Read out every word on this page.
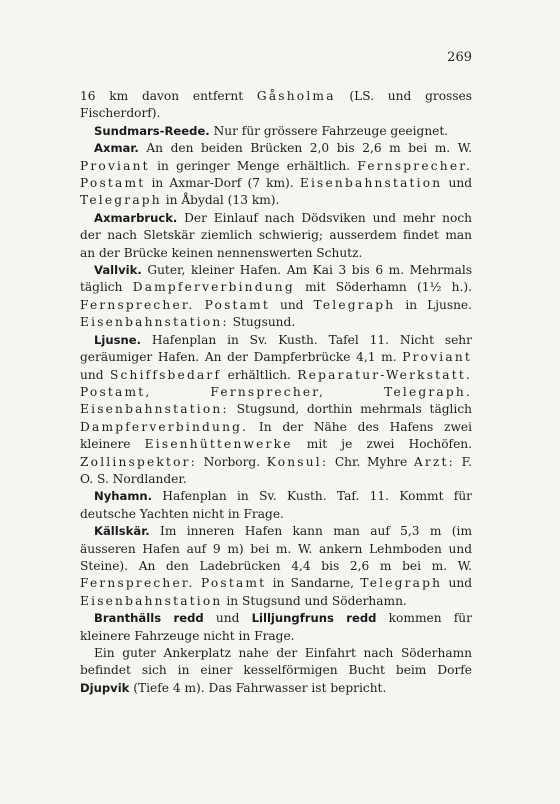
269

16 km davon entfernt Gåsholma (LS. und grosses Fischerdorf).

Sundmars-Reede. Nur für grössere Fahrzeuge geeignet.

Axmar. An den beiden Brücken 2,0 bis 2,6 m bei m. W. Proviant in geringer Menge erhältlich. Fernsprecher. Postamt in Axmar-Dorf (7 km). Eisenbahnstation und Telegraph in Åbydal (13 km).

Axmarbruck. Der Einlauf nach Dödsviken und mehr noch der nach Sletskär ziemlich schwierig; ausserdem findet man an der Brücke keinen nennenswerten Schutz.

Vallvik. Guter, kleiner Hafen. Am Kai 3 bis 6 m. Mehrmals täglich Dampferverbindung mit Söderhamn (1½ h.). Fernsprecher. Postamt und Telegraph in Ljusne. Eisenbahnstation: Stugsund.

Ljusne. Hafenplan in Sv. Kusth. Tafel 11. Nicht sehr geräumiger Hafen. An der Dampferbrücke 4,1 m. Proviant und Schiffsbedarf erhältlich. Reparatur-Werkstatt. Postamt,	Fernsprecher,	Telegraph. Eisenbahnstation: Stugsund, dorthin mehrmals täglich Dampferverbindung. In der Nähe des Hafens zwei kleinere Eisenhüttenwerke mit je zwei Hochöfen. Zollinspektor: Norborg. Konsul: Chr. Myhre Arzt: F. O. S. Nordlander.

Nyhamn. Hafenplan in Sv. Kusth. Taf. 11. Kommt für deutsche Yachten nicht in Frage.

Källskär. Im inneren Hafen kann man auf 5,3 m (im äusseren Hafen auf 9 m) bei m. W. ankern Lehmboden und Steine). An den Ladebrücken 4,4 bis 2,6 m bei m. W. Fernsprecher. Postamt in Sandarne, Telegraph und Eisenbahnstation in Stugsund und Söderhamn.

Branthälls redd und Lilljungfruns redd kommen für kleinere Fahrzeuge nicht in Frage.

Ein guter Ankerplatz nahe der Einfahrt nach Söderhamn befindet sich in einer kesselförmigen Bucht beim Dorfe Djupvik (Tiefe 4 m). Das Fahrwasser ist bepricht.
